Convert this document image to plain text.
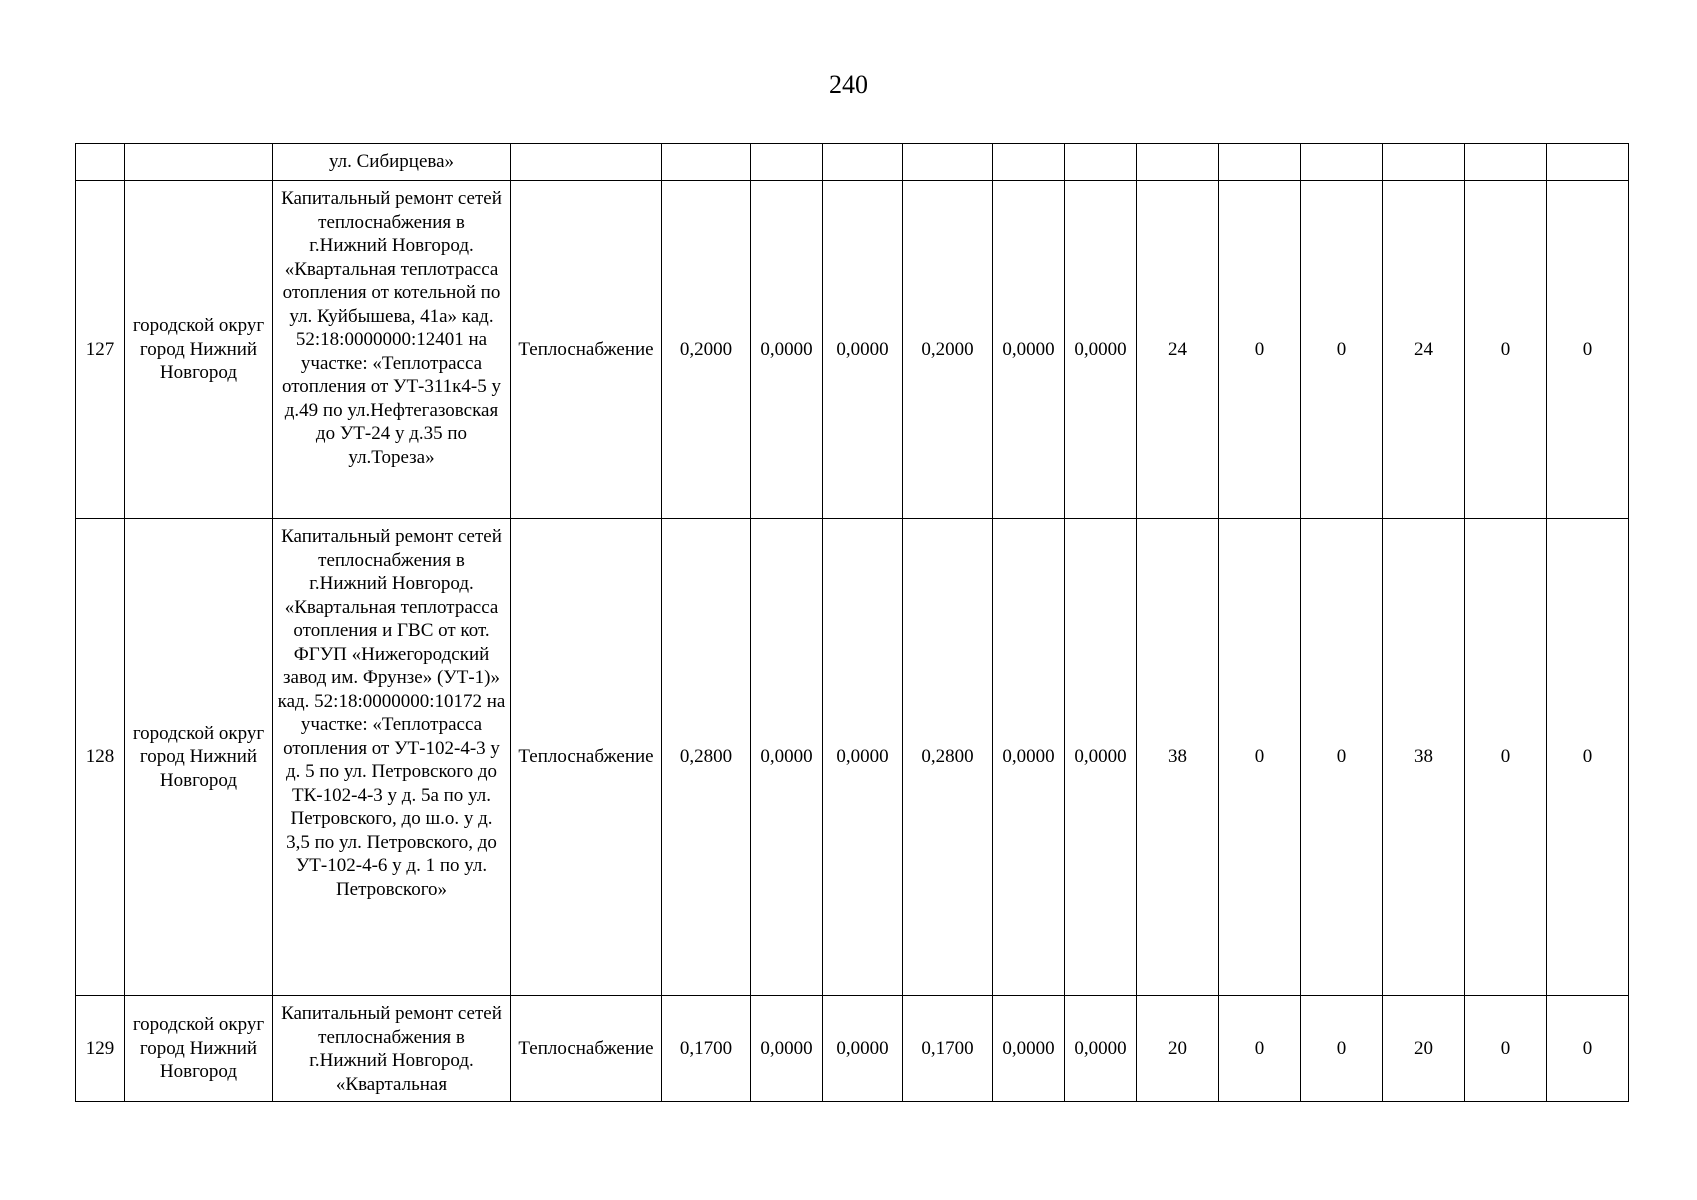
240
		ул. Сибирцева»													
127	городской округ город Нижний Новгород	Капитальный ремонт сетей теплоснабжения в г.Нижний Новгород. «Квартальная теплотрасса отопления от котельной по ул. Куйбышева, 41а» кад. 52:18:0000000:12401 на участке: «Теплотрасса отопления от УТ-311к4-5 у д.49 по ул.Нефтегазовская до УТ-24 у д.35 по ул.Тореза»	Теплоснабжение	0,2000	0,0000	0,0000	0,2000	0,0000	0,0000	24	0	0	24	0	0
128	городской округ город Нижний Новгород	Капитальный ремонт сетей теплоснабжения в г.Нижний Новгород. «Квартальная теплотрасса отопления и ГВС от кот. ФГУП «Нижегородский завод им. Фрунзе» (УТ-1)» кад. 52:18:0000000:10172 на участке: «Теплотрасса отопления от УТ-102-4-3 у д. 5 по ул. Петровского до ТК-102-4-3 у д. 5а по ул. Петровского, до ш.о. у д. 3,5 по ул. Петровского, до УТ-102-4-6 у д. 1 по ул. Петровского»	Теплоснабжение	0,2800	0,0000	0,0000	0,2800	0,0000	0,0000	38	0	0	38	0	0
129	городской округ город Нижний Новгород	Капитальный ремонт сетей теплоснабжения в г.Нижний Новгород. «Квартальная	Теплоснабжение	0,1700	0,0000	0,0000	0,1700	0,0000	0,0000	20	0	0	20	0	0
